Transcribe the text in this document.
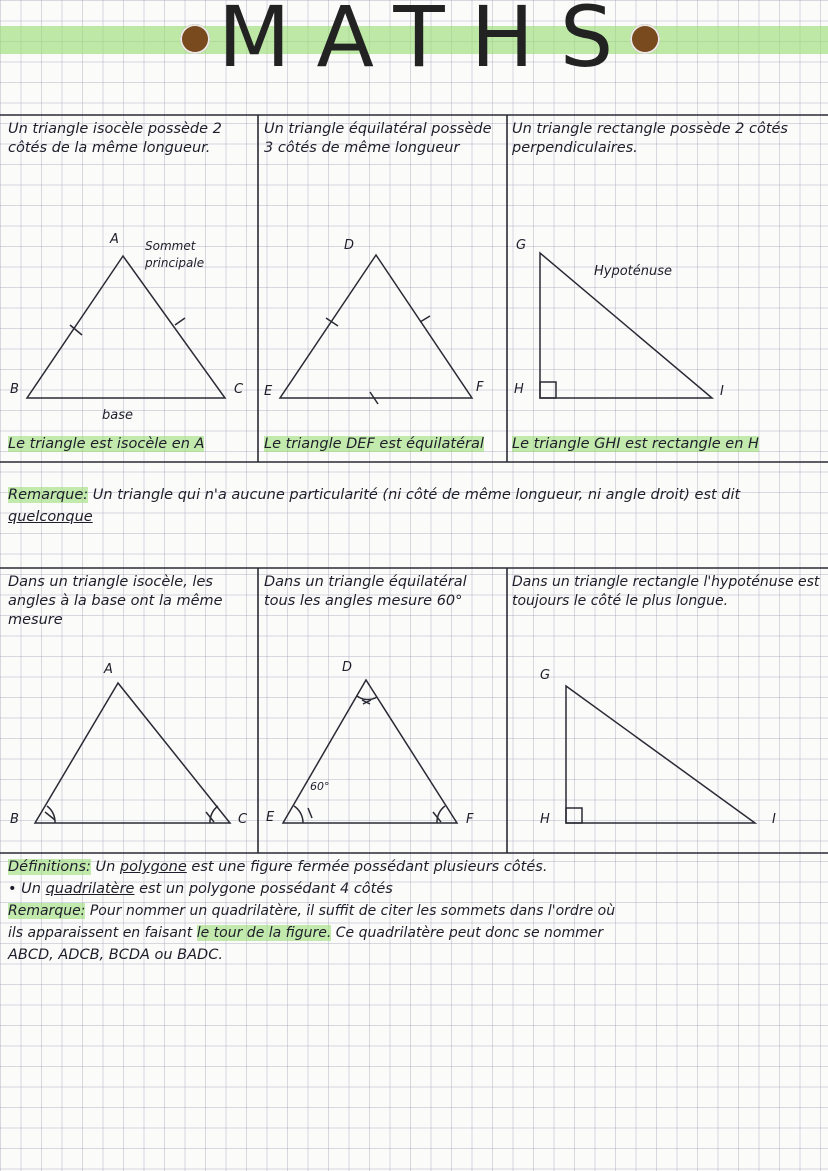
MATHS

Un triangle isocèle possède 2 côtés de la même longueur.

Un triangle équilatéral possède 3 côtés de même longueur

Un triangle rectangle possède 2 côtés perpendiculaires.

A
B	C
Sommet principale
base
D
E	F
G
H	I
Hypoténuse

Le triangle est isocèle en A	Le triangle DEF est équilatéral Le triangle GHI est rectangle en H

Remarque: Un triangle qui n'a aucune particularité (ni côté de même longueur, ni angle droit) est dit quelconque

Dans un triangle isocèle, les angles à la base ont la même mesure

Dans un triangle équilatéral tous les angles mesure 60°

Dans un triangle rectangle l'hypoténuse est toujours le côté le plus longue.

A
B	C
D
E	F
60°
G
H	I
Définitions: Un polygone est une figure fermée possédant plusieurs côtés.
• Un quadrilatère est un polygone possédant 4 côtés
Remarque: Pour nommer un quadrilatère, il suffit de citer les sommets dans l'ordre où
ils apparaissent en faisant le tour de la figure. Ce quadrilatère peut donc se nommer
ABCD, ADCB, BCDA ou BADC.
